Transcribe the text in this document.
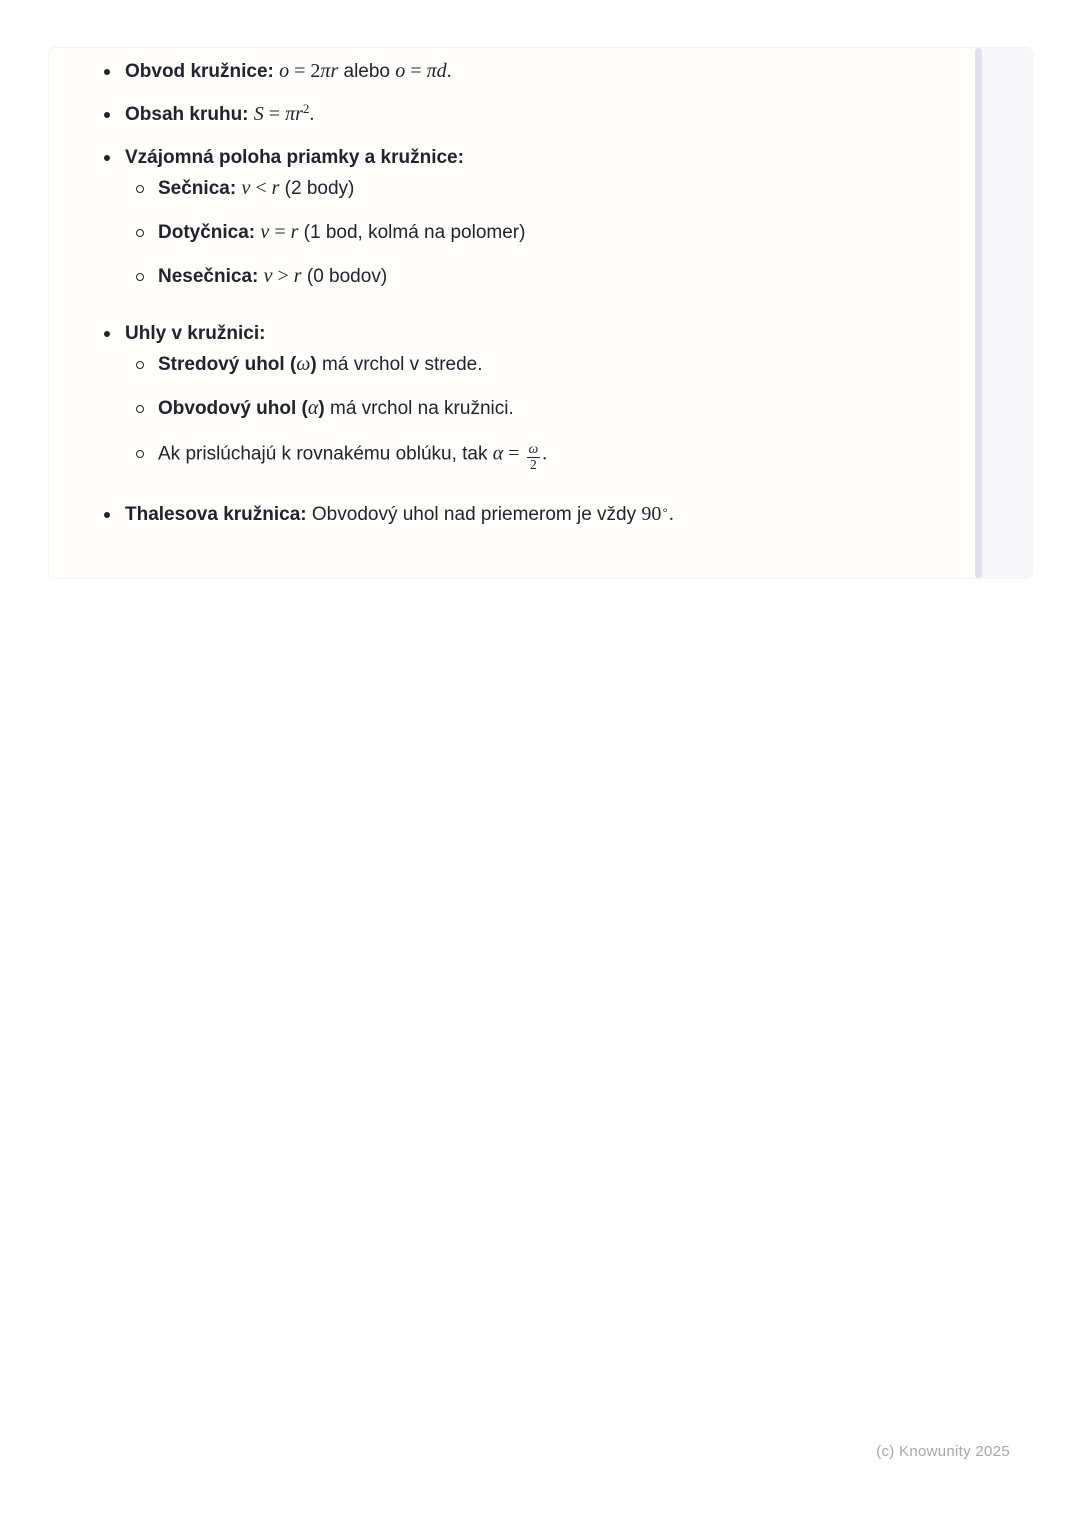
Obvod kružnice: o = 2πr alebo o = πd.
Obsah kruhu: $S = \pi r^2$.
Vzájomná poloha priamky a kružnice:
Sečnica: v < r (2 body)
Dotyčnica: v = r (1 bod, kolmá na polomer)
Nesečnica: v > r (0 bodov)
Uhly v kružnici:
Stredový uhol (ω) má vrchol v strede.
Obvodový uhol (α) má vrchol na kružnici.
Ak prislúchajú k rovnakému oblúku, tak $\alpha = \frac{\omega}{2}$ .
Thalesova kružnica: Obvodový uhol nad priemerom je vždy 90∘.
(c) Knowunity 2025
